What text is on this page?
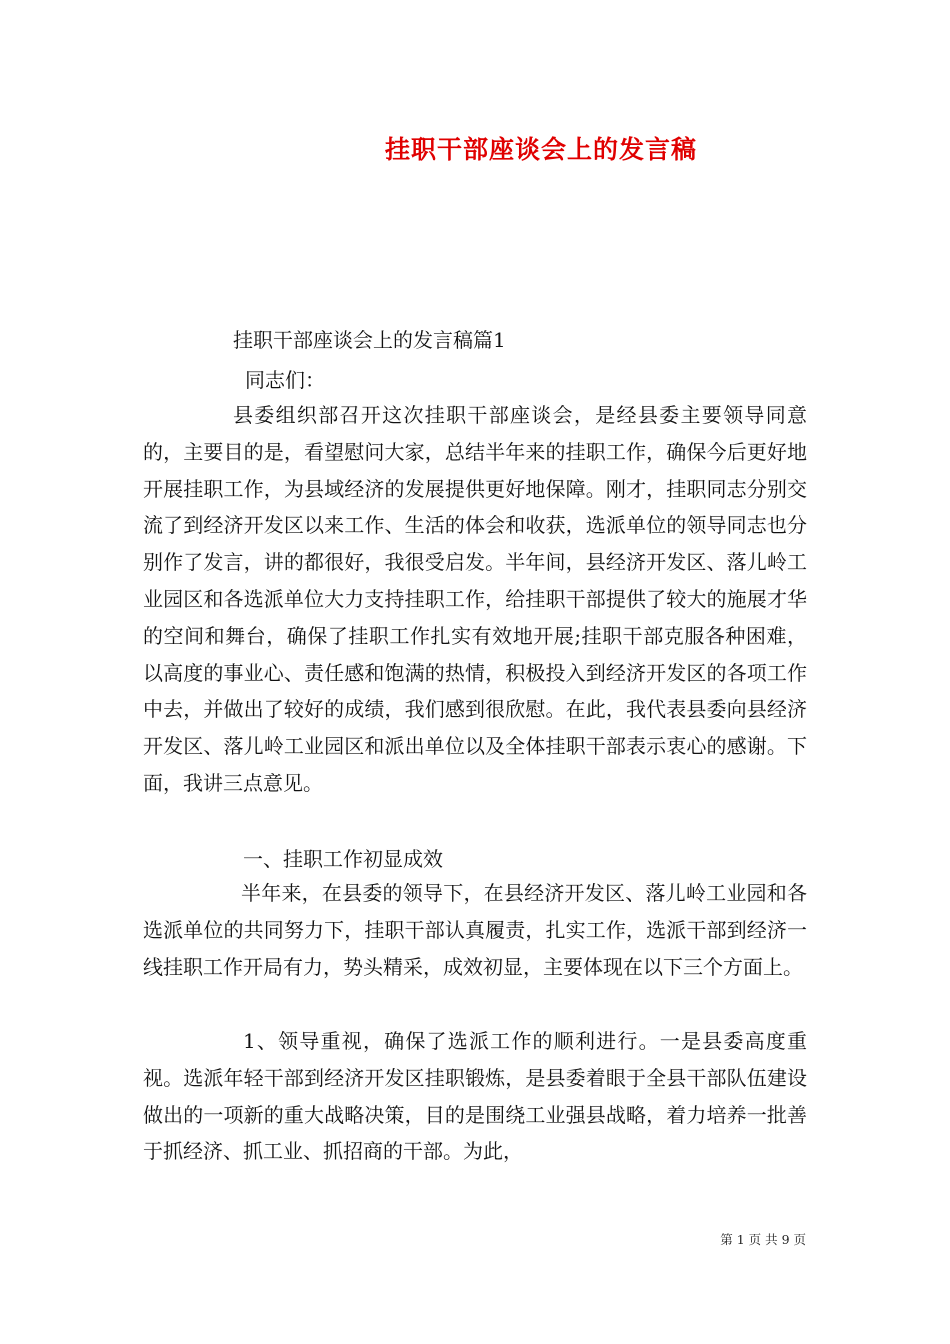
挂职干部座谈会上的发言稿
挂职干部座谈会上的发言稿篇1
同志们：

县委组织部召开这次挂职干部座谈会，是经县委主要领导同意的，主要目的是，看望慰问大家，总结半年来的挂职工作，确保今后更好地开展挂职工作，为县域经济的发展提供更好地保障。刚才，挂职同志分别交流了到经济开发区以来工作、生活的体会和收获，选派单位的领导同志也分别作了发言，讲的都很好，我很受启发。半年间，县经济开发区、落儿岭工业园区和各选派单位大力支持挂职工作，给挂职干部提供了较大的施展才华的空间和舞台，确保了挂职工作扎实有效地开展;挂职干部克服各种困难，以高度的事业心、责任感和饱满的热情，积极投入到经济开发区的各项工作中去，并做出了较好的成绩，我们感到很欣慰。在此，我代表县委向县经济开发区、落儿岭工业园区和派出单位以及全体挂职干部表示衷心的感谢。下面，我讲三点意见。

一、挂职工作初显成效

半年来，在县委的领导下，在县经济开发区、落儿岭工业园和各选派单位的共同努力下，挂职干部认真履责，扎实工作，选派干部到经济一线挂职工作开局有力，势头精采，成效初显，主要体现在以下三个方面上。

1、领导重视，确保了选派工作的顺利进行。一是县委高度重视。选派年轻干部到经济开发区挂职锻炼，是县委着眼于全县干部队伍建设做出的一项新的重大战略决策，目的是围绕工业强县战略，着力培养一批善于抓经济、抓工业、抓招商的干部。为此，

第 1 页 共 9 页
